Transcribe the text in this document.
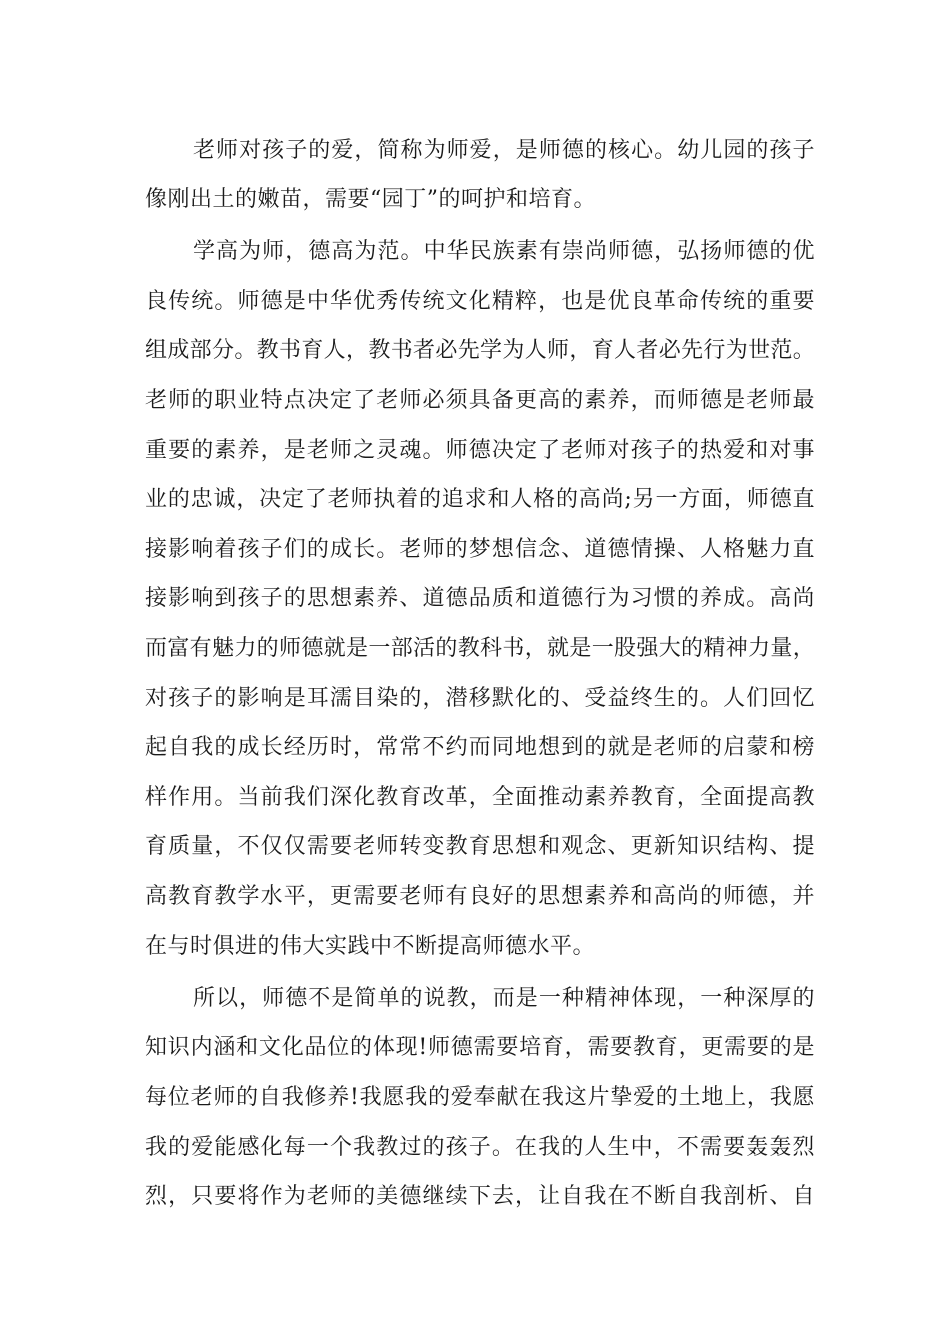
老师对孩子的爱，简称为师爱，是师德的核心。幼儿园的孩子
像刚出土的嫩苗，需要“园丁”的呵护和培育。
学高为师，德高为范。中华民族素有崇尚师德，弘扬师德的优
良传统。师德是中华优秀传统文化精粹，也是优良革命传统的重要
组成部分。教书育人，教书者必先学为人师，育人者必先行为世范。
老师的职业特点决定了老师必须具备更高的素养，而师德是老师最
重要的素养，是老师之灵魂。师德决定了老师对孩子的热爱和对事
业的忠诚，决定了老师执着的追求和人格的高尚;另一方面，师德直
接影响着孩子们的成长。老师的梦想信念、道德情操、人格魅力直
接影响到孩子的思想素养、道德品质和道德行为习惯的养成。高尚
而富有魅力的师德就是一部活的教科书，就是一股强大的精神力量，
对孩子的影响是耳濡目染的，潜移默化的、受益终生的。人们回忆
起自我的成长经历时，常常不约而同地想到的就是老师的启蒙和榜
样作用。当前我们深化教育改革，全面推动素养教育，全面提高教
育质量，不仅仅需要老师转变教育思想和观念、更新知识结构、提
高教育教学水平，更需要老师有良好的思想素养和高尚的师德，并
在与时俱进的伟大实践中不断提高师德水平。
所以，师德不是简单的说教，而是一种精神体现，一种深厚的
知识内涵和文化品位的体现!师德需要培育，需要教育，更需要的是
每位老师的自我修养!我愿我的爱奉献在我这片挚爱的土地上，我愿
我的爱能感化每一个我教过的孩子。在我的人生中，不需要轰轰烈
烈，只要将作为老师的美德继续下去，让自我在不断自我剖析、自
